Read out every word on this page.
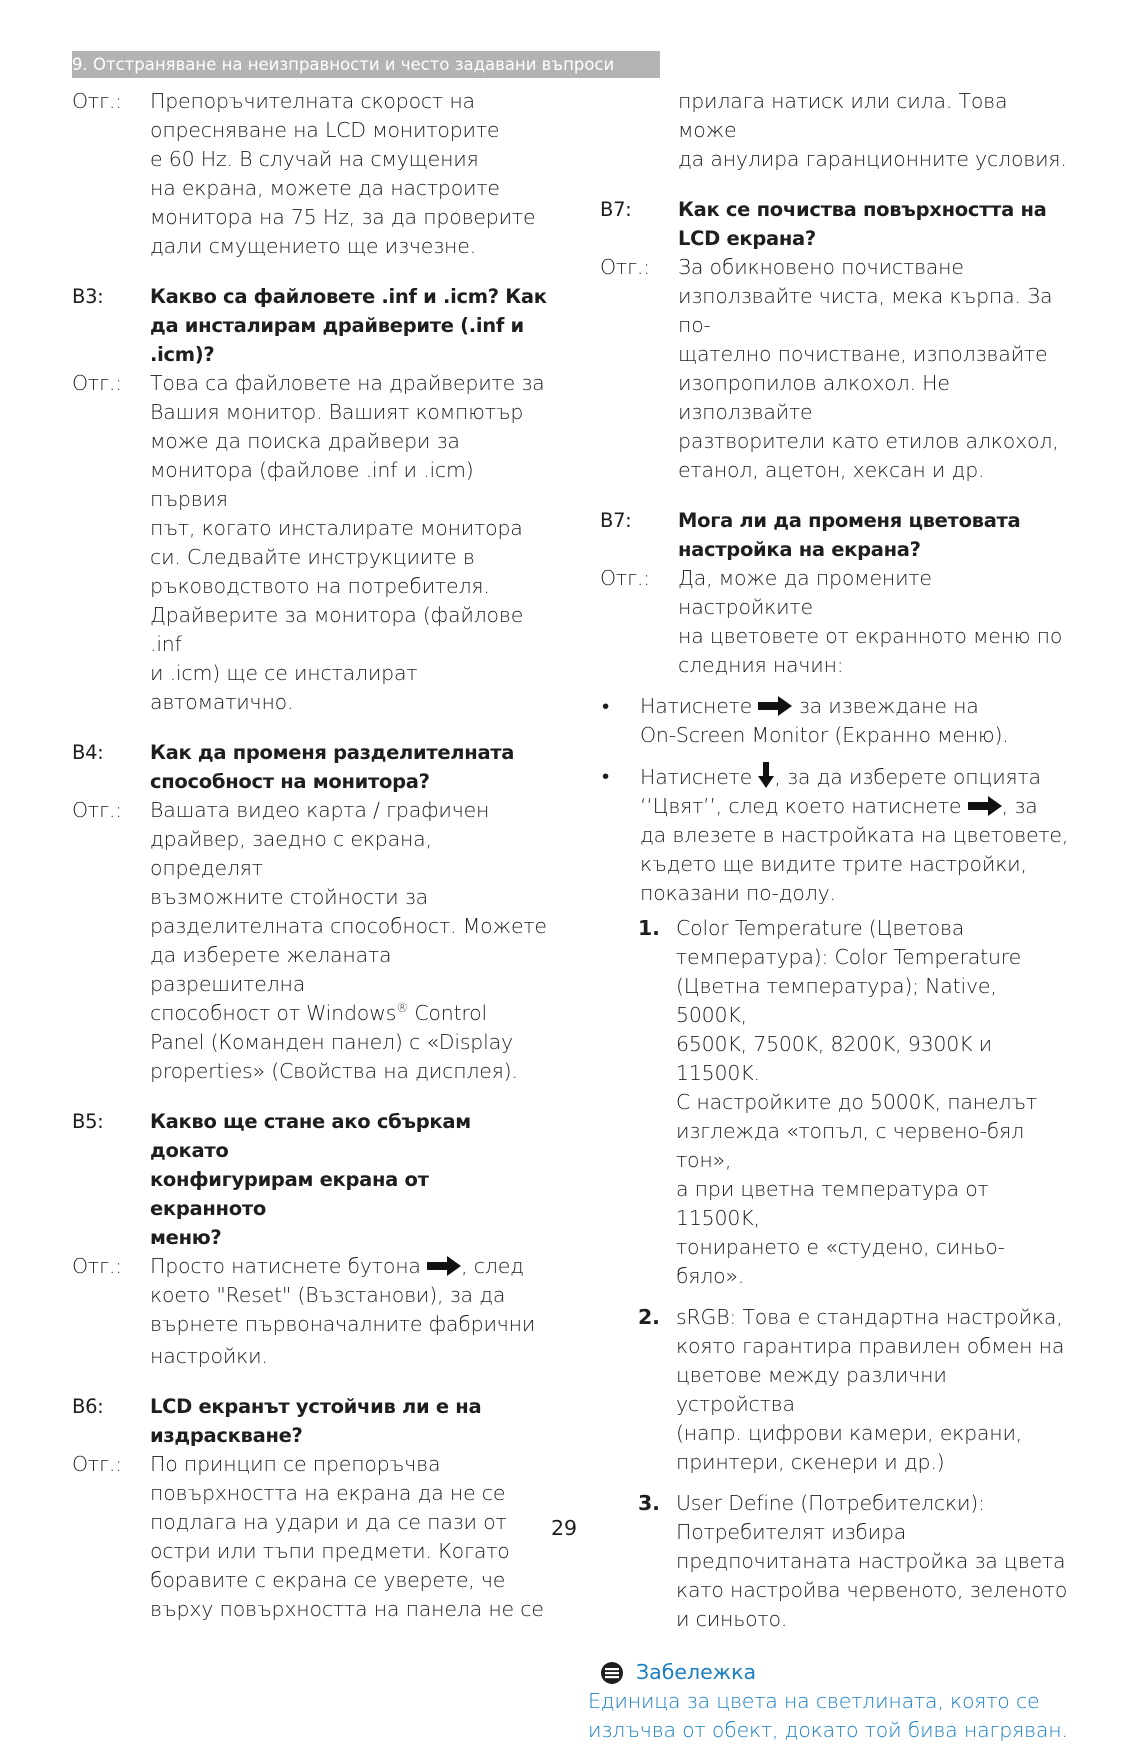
9. Отстраняване на неизправности и често задавани въпроси
Отг.:	Препоръчителната скорост на
опресняване на LCD мониторите
е 60 Hz. В случай на смущения
на екрана, можете да настроите
монитора на 75 Hz, за да проверите
дали смущението ще изчезне.
В3:	Какво са файловете .inf и .icm? Как
да инсталирам драйверите (.inf и
.icm)?
Отг.:	Това са файловете на драйверите за
Вашия монитор. Вашият компютър
може да поиска драйвери за
монитора (файлове .inf и .icm) първия
път, когато инсталирате монитора
си. Следвайте инструкциите в
ръководството на потребителя.
Драйверите за монитора (файлове .inf
и .icm) ще се инсталират автоматично.
В4:	Как да променя разделителната
способност на монитора?
Отг.:	Вашата видео карта / графичен
драйвер, заедно с екрана, определят
възможните стойности за
разделителната способност. Можете
да изберете желаната разрешителна
способност от Windows® Control
Panel (Команден панел) с «Display
properties» (Свойства на дисплея).
В5:	Какво ще стане ако сбъркам докато
конфигурирам екрана от екранното
меню?
Отг.:	Просто натиснете бутона , след
което "Reset" (Възстанови), за да
върнете първоначалните фабрични
настройки.
В6:	LCD екранът устойчив ли е на
издраскване?
Отг.:	По принцип се препоръчва
повърхността на екрана да не се
подлага на удари и да се пази от
остри или тъпи предмети. Когато
боравите с екрана се уверете, че
върху повърхността на панела не се
прилага натиск или сила. Това може
да анулира гаранционните условия.
В7:	Как се почиства повърхността на
LCD екрана?
Отг.:	За обикновено почистване
използвайте чиста, мека кърпа. За по-
щателно почистване, използвайте
изопропилов алкохол. Не използвайте
разтворители като етилов алкохол,
етанол, ацетон, хексан и др.
В7:	Мога ли да променя цветовата
настройка на екрана?
Отг.:	Да, може да промените настройките
на цветовете от екранното меню по
следния начин:
•	Натиснете  за извеждане на
On-Screen Monitor (Екранно меню).
•	Натиснете , за да изберете опцията
‘‘Цвят’’, след което натиснете , за
да влезете в настройката на цветовете,
където ще видите трите настройки,
показани по-долу.
1. Color Temperature (Цветова
температура): Color Temperature
(Цветна температура); Native, 5000K,
6500K, 7500K, 8200K, 9300K и 11500K.
С настройките до 5000K, панелът
изглежда «топъл, с червено-бял тон»,
а при цветна температура от 11500K,
тонирането е «студено, синьо-бяло».
2. sRGB: Това е стандартна настройка,
която гарантира правилен обмен на
цветове между различни устройства
(напр. цифрови камери, екрани,
принтери, скенери и др.)
3. User Define (Потребителски):
Потребителят избира
предпочитаната настройка за цвета
като настройва червеното, зеленото
и синьото.
Забележка
Единица за цвета на светлината, която се
излъчва от обект, докато той бива нагряван.
29
